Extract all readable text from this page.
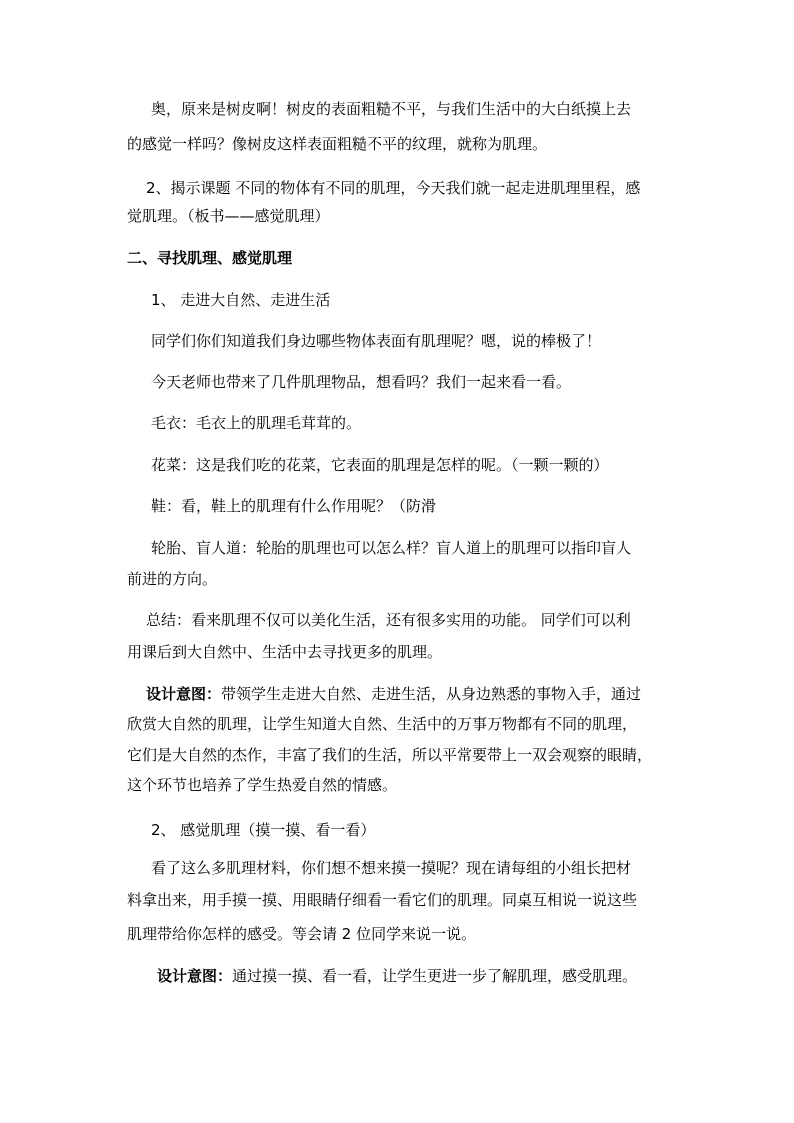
奥，原来是树皮啊！树皮的表面粗糙不平，与我们生活中的大白纸摸上去
的感觉一样吗？像树皮这样表面粗糙不平的纹理，就称为肌理。
2、揭示课题 不同的物体有不同的肌理，今天我们就一起走进肌理里程，感
觉肌理。（板书——感觉肌理）
二、寻找肌理、感觉肌理
1、 走进大自然、走进生活
同学们你们知道我们身边哪些物体表面有肌理呢？嗯，说的棒极了！
今天老师也带来了几件肌理物品，想看吗？我们一起来看一看。
毛衣：毛衣上的肌理毛茸茸的。
花菜：这是我们吃的花菜，它表面的肌理是怎样的呢。（一颗一颗的）
鞋：看，鞋上的肌理有什么作用呢？（防滑
轮胎、盲人道：轮胎的肌理也可以怎么样？盲人道上的肌理可以指印盲人
前进的方向。
总结：看来肌理不仅可以美化生活，还有很多实用的功能。 同学们可以利
用课后到大自然中、生活中去寻找更多的肌理。
设计意图：带领学生走进大自然、走进生活，从身边熟悉的事物入手，通过
欣赏大自然的肌理，让学生知道大自然、生活中的万事万物都有不同的肌理，
它们是大自然的杰作，丰富了我们的生活，所以平常要带上一双会观察的眼睛，
这个环节也培养了学生热爱自然的情感。
2、 感觉肌理（摸一摸、看一看）
看了这么多肌理材料，你们想不想来摸一摸呢？现在请每组的小组长把材
料拿出来，用手摸一摸、用眼睛仔细看一看它们的肌理。同桌互相说一说这些
肌理带给你怎样的感受。等会请 2 位同学来说一说。
设计意图：通过摸一摸、看一看，让学生更进一步了解肌理，感受肌理。
